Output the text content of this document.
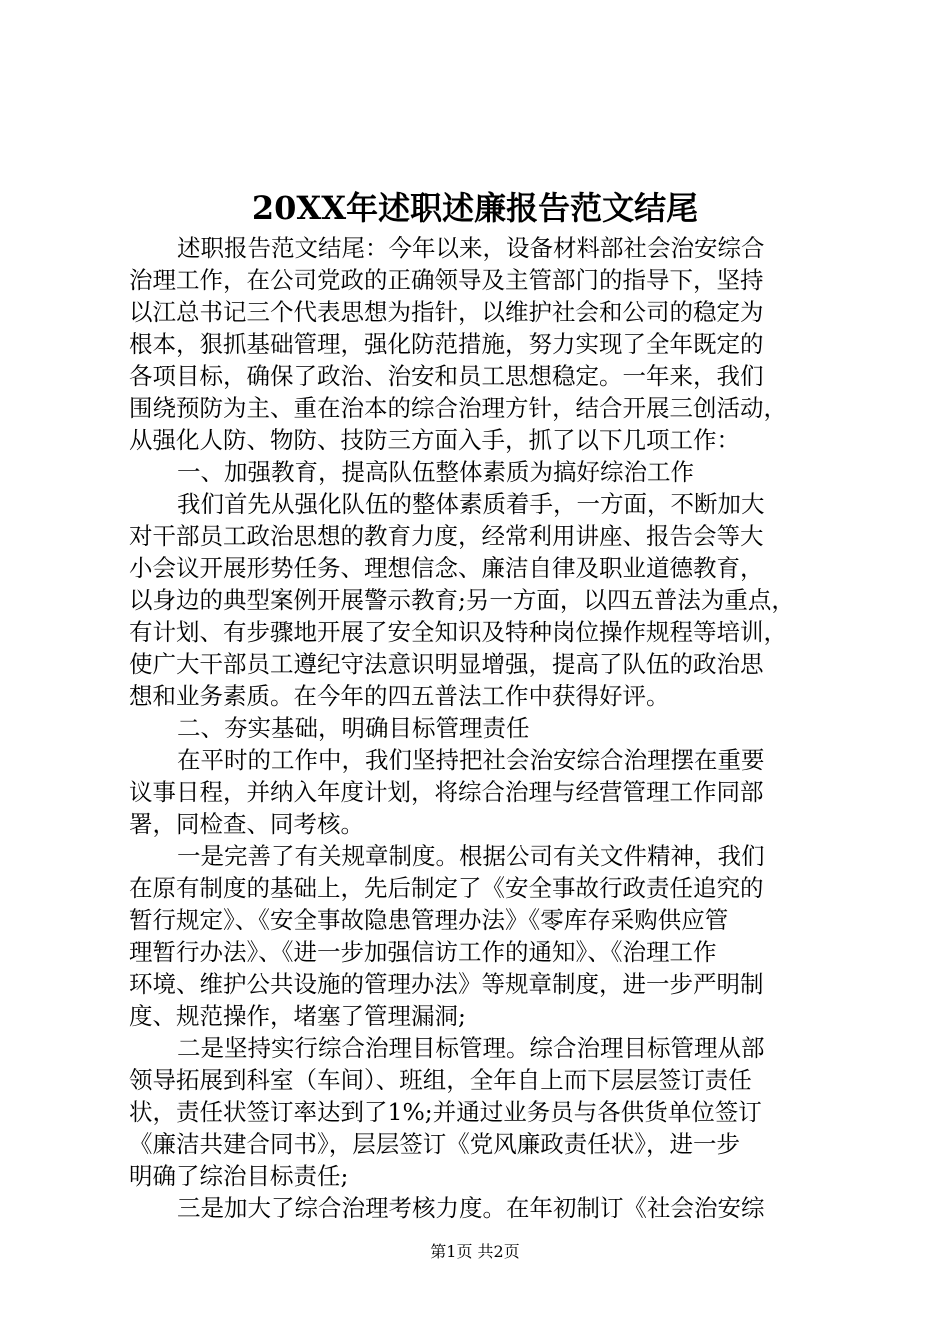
20XX年述职述廉报告范文结尾
述职报告范文结尾：今年以来，设备材料部社会治安综合
治理工作，在公司党政的正确领导及主管部门的指导下，坚持
以江总书记三个代表思想为指针，以维护社会和公司的稳定为
根本，狠抓基础管理，强化防范措施，努力实现了全年既定的
各项目标，确保了政治、治安和员工思想稳定。一年来，我们
围绕预防为主、重在治本的综合治理方针，结合开展三创活动，
从强化人防、物防、技防三方面入手，抓了以下几项工作：
一、加强教育，提高队伍整体素质为搞好综治工作
我们首先从强化队伍的整体素质着手，一方面，不断加大
对干部员工政治思想的教育力度，经常利用讲座、报告会等大
小会议开展形势任务、理想信念、廉洁自律及职业道德教育，
以身边的典型案例开展警示教育;另一方面，以四五普法为重点，
有计划、有步骤地开展了安全知识及特种岗位操作规程等培训，
使广大干部员工遵纪守法意识明显增强，提高了队伍的政治思
想和业务素质。在今年的四五普法工作中获得好评。
二、夯实基础，明确目标管理责任
在平时的工作中，我们坚持把社会治安综合治理摆在重要
议事日程，并纳入年度计划，将综合治理与经营管理工作同部
署，同检查、同考核。
一是完善了有关规章制度。根据公司有关文件精神，我们
在原有制度的基础上，先后制定了《安全事故行政责任追究的
暂行规定》、《安全事故隐患管理办法》《零库存采购供应管
理暂行办法》、《进一步加强信访工作的通知》、《治理工作
环境、维护公共设施的管理办法》等规章制度，进一步严明制
度、规范操作，堵塞了管理漏洞;
二是坚持实行综合治理目标管理。综合治理目标管理从部
领导拓展到科室（车间）、班组，全年自上而下层层签订责任
状，责任状签订率达到了1%;并通过业务员与各供货单位签订
《廉洁共建合同书》，层层签订《党风廉政责任状》，进一步
明确了综治目标责任;
三是加大了综合治理考核力度。在年初制订《社会治安综
第1页 共2页
